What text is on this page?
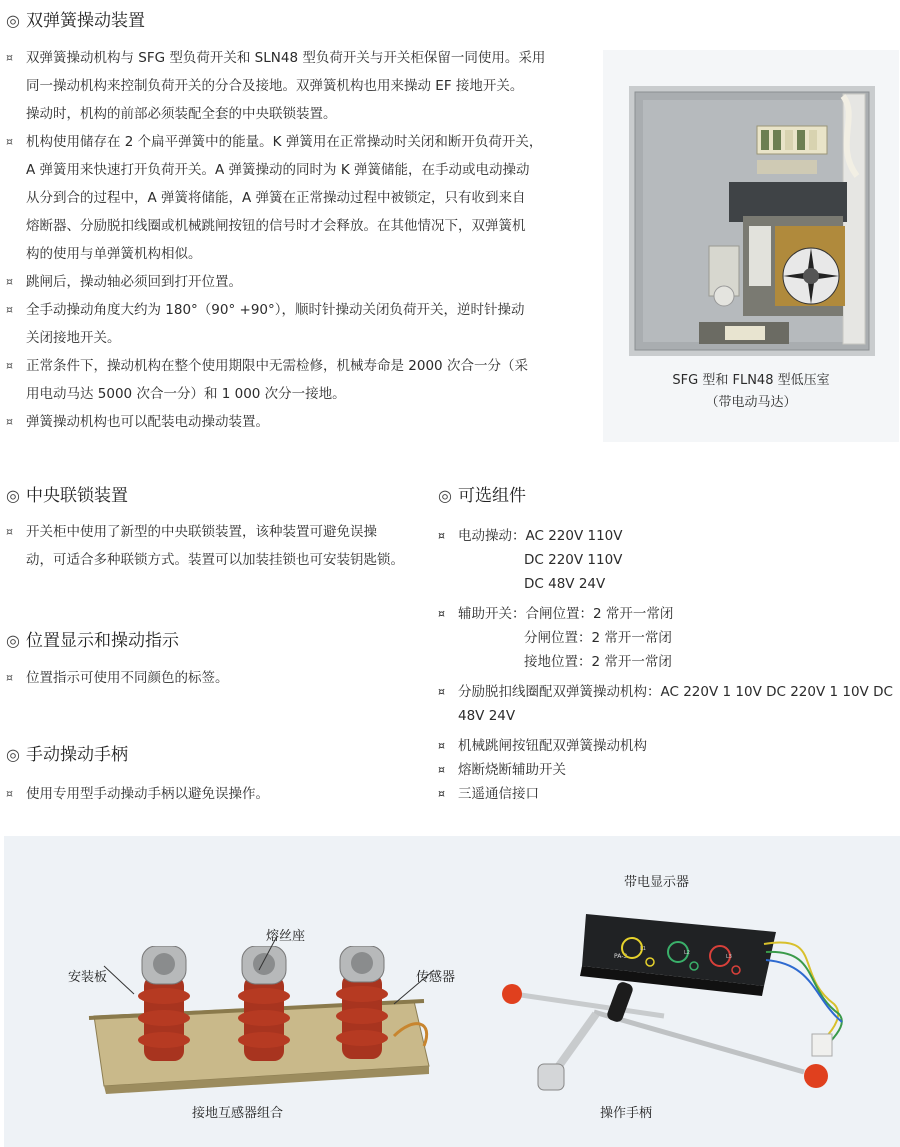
◎ 双弹簧操动装置
¤ 双弹簧操动机构与 SFG 型负荷开关和 SLN48 型负荷开关与开关柜保留一同使用。采用
同一操动机构来控制负荷开关的分合及接地。双弹簧机构也用来操动 EF 接地开关。
操动时，机构的前部必须装配全套的中央联锁装置。
¤ 机构使用储存在 2 个扁平弹簧中的能量。K 弹簧用在正常操动时关闭和断开负荷开关，
A 弹簧用来快速打开负荷开关。A 弹簧操动的同时为 K 弹簧储能，在手动或电动操动
从分到合的过程中，A 弹簧将储能，A 弹簧在正常操动过程中被锁定，只有收到来自
熔断器、分励脱扣线圈或机械跳闸按钮的信号时才会释放。在其他情况下，双弹簧机
构的使用与单弹簧机构相似。
¤ 跳闸后，操动轴必须回到打开位置。
¤ 全手动操动角度大约为 180°（90° +90°），顺时针操动关闭负荷开关，逆时针操动
关闭接地开关。
¤ 正常条件下，操动机构在整个使用期限中无需检修，机械寿命是 2000 次合一分（采
用电动马达 5000 次合一分）和 1 000 次分一接地。
¤ 弹簧操动机构也可以配装电动操动装置。
SFG 型和 FLN48 型低压室
（带电动马达）
◎ 中央联锁装置
¤ 开关柜中使用了新型的中央联锁装置，该种装置可避免误操
动，可适合多种联锁方式。装置可以加装挂锁也可安装钥匙锁。
◎ 位置显示和操动指示
¤ 位置指示可使用不同颜色的标签。
◎ 手动操动手柄
¤ 使用专用型手动操动手柄以避免误操作。
◎ 可选组件
¤ 电动操动：AC 220V 110V
DC 220V 110V
DC 48V 24V
¤ 辅助开关：合闸位置：2 常开一常闭
分闸位置：2 常开一常闭
接地位置：2 常开一常闭
¤ 分励脱扣线圈配双弹簧操动机构：AC 220V 1 10V DC 220V 1 10V DC
48V 24V
¤ 机械跳闸按钮配双弹簧操动机构
¤ 熔断烧断辅助开关
¤ 三遥通信接口
熔丝座
安装板	传感器
接地互感器组合
带电显示器
PA-3
L1
L2
L3
操作手柄
